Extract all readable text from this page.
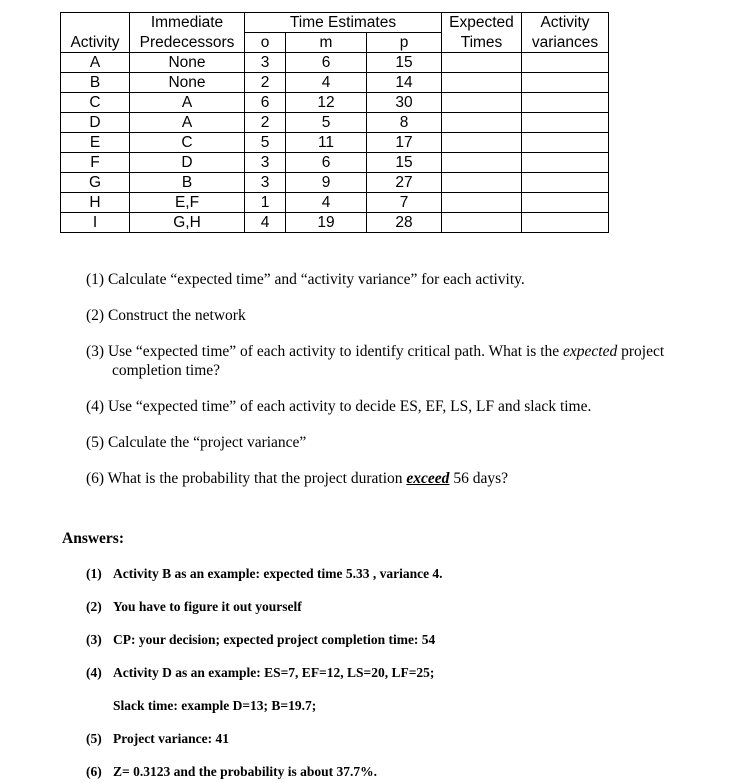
	Immediate	Time Estimates			Expected	Activity
Activity	Predecessors	o	m	p	Times	variances
A	None	3	6	15		
B	None	2	4	14		
C	A	6	12	30		
D	A	2	5	8		
E	C	5	11	17		
F	D	3	6	15		
G	B	3	9	27		
H	E,F	1	4	7		
I	G,H	4	19	28		
(1) Calculate “expected time” and “activity variance” for each activity.
(2) Construct the network
(3) Use “expected time” of each activity to identify critical path. What is the expected project completion time?
(4) Use “expected time” of each activity to decide ES, EF, LS, LF and slack time.
(5) Calculate the “project variance”
(6) What is the probability that the project duration exceed 56 days?
Answers:
(1) Activity B as an example: expected time 5.33 , variance 4.
(2) You have to figure it out yourself
(3) CP: your decision; expected project completion time: 54
(4) Activity D as an example: ES=7, EF=12, LS=20, LF=25;
Slack time: example D=13; B=19.7;
(5) Project variance: 41
(6) Z= 0.3123 and the probability is about 37.7%.
